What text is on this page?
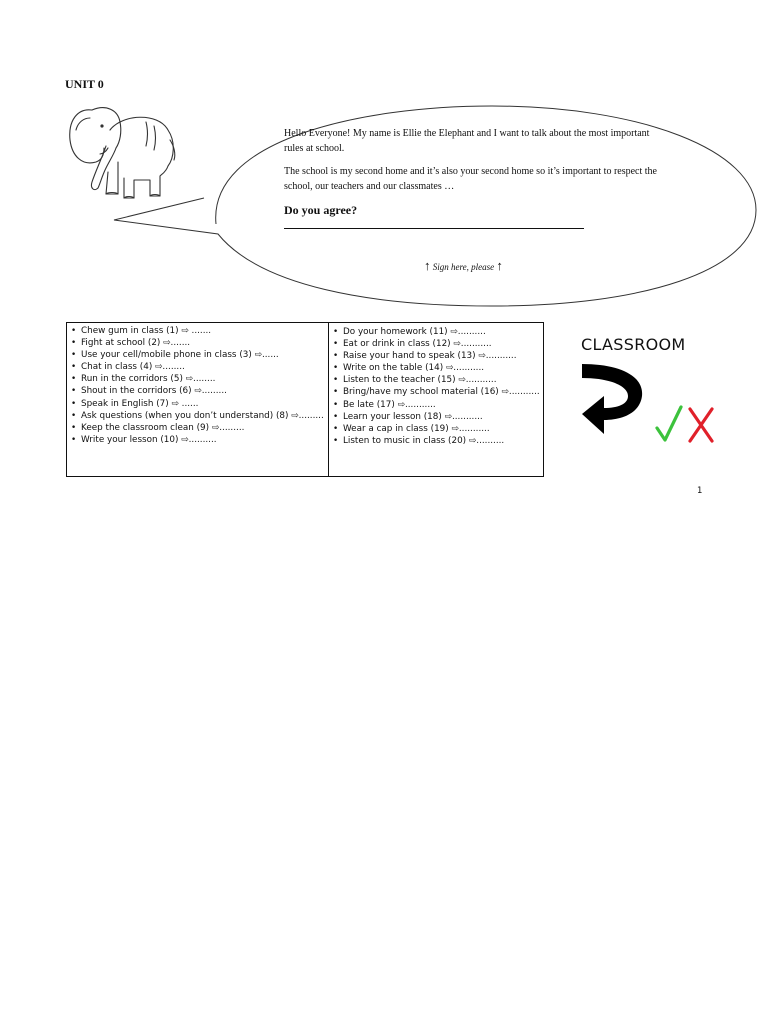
UNIT 0

Hello Everyone! My name is Ellie the Elephant and I want to talk about the most important rules at school.

The school is my second home and it’s also your second home so it’s important to respect the school, our teachers and our classmates …

Do you agree?
↑ Sign here, please ↑
• Chew gum in class (1) ⇨ .......
• Fight at school (2) ⇨.......
• Use your cell/mobile phone in class (3) ⇨......
• Chat in class (4) ⇨........
• Run in the corridors (5) ⇨........
• Shout in the corridors (6) ⇨.........
• Speak in English (7) ⇨ ......
• Ask questions (when you don’t understand) (8) ⇨.........
• Keep the classroom clean (9) ⇨.........
• Write your lesson (10) ⇨..........
• Do your homework (11) ⇨..........
• Eat or drink in class (12) ⇨...........
• Raise your hand to speak (13) ⇨...........
• Write on the table (14) ⇨...........
• Listen to the teacher (15) ⇨...........
• Bring/have my school material (16) ⇨...........
• Be late (17) ⇨...........
• Learn your lesson (18) ⇨...........
• Wear a cap in class (19) ⇨...........
• Listen to music in class (20) ⇨..........
CLASSROOM
1
